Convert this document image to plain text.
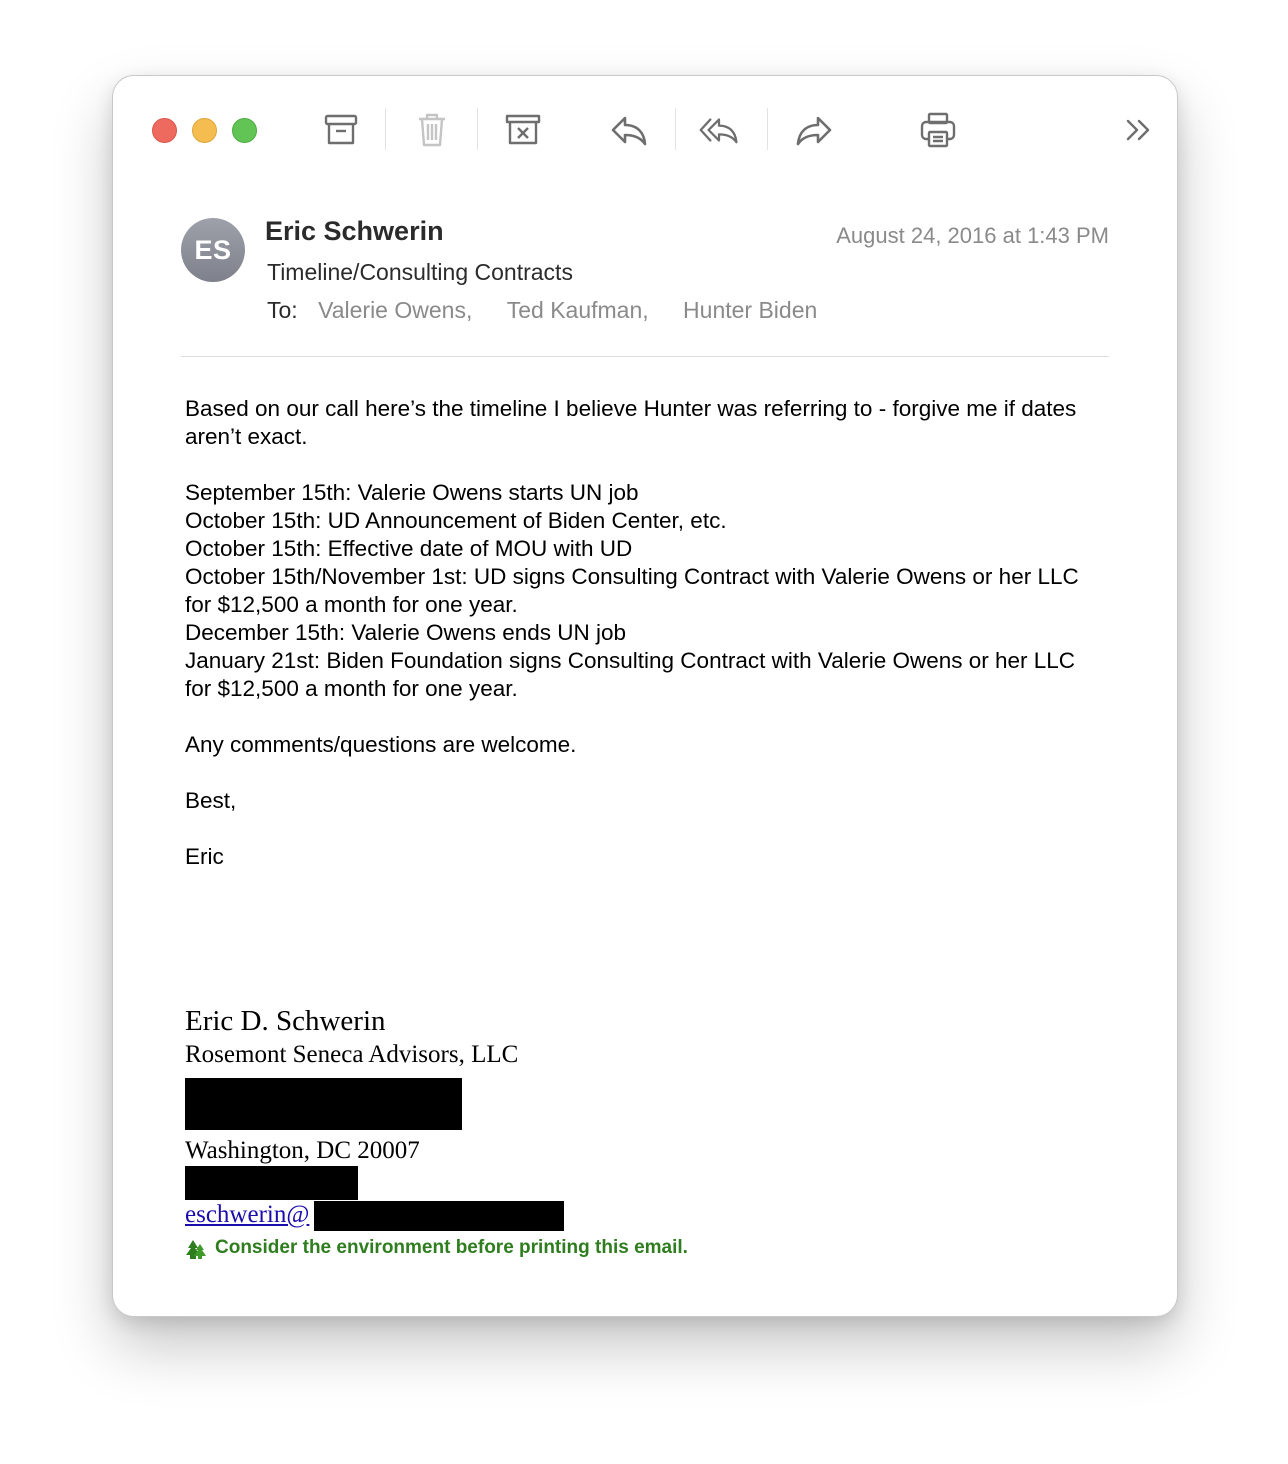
ES
Eric Schwerin	August 24, 2016 at 1:43 PM
Timeline/Consulting Contracts
To: Valerie Owens, Ted Kaufman, Hunter Biden

Based on our call here’s the timeline I believe Hunter was referring to - forgive me if dates aren’t exact.

September 15th: Valerie Owens starts UN job

October 15th: UD Announcement of Biden Center, etc.

October 15th: Effective date of MOU with UD

October 15th/November 1st: UD signs Consulting Contract with Valerie Owens or her LLC for $12,500 a month for one year.

December 15th: Valerie Owens ends UN job

January 21st: Biden Foundation signs Consulting Contract with Valerie Owens or her LLC for $12,500 a month for one year.

Any comments/questions are welcome.

Best,

Eric

Eric D. Schwerin
Rosemont Seneca Advisors, LLC
Washington, DC 20007
eschwerin@
Consider the environment before printing this email.
